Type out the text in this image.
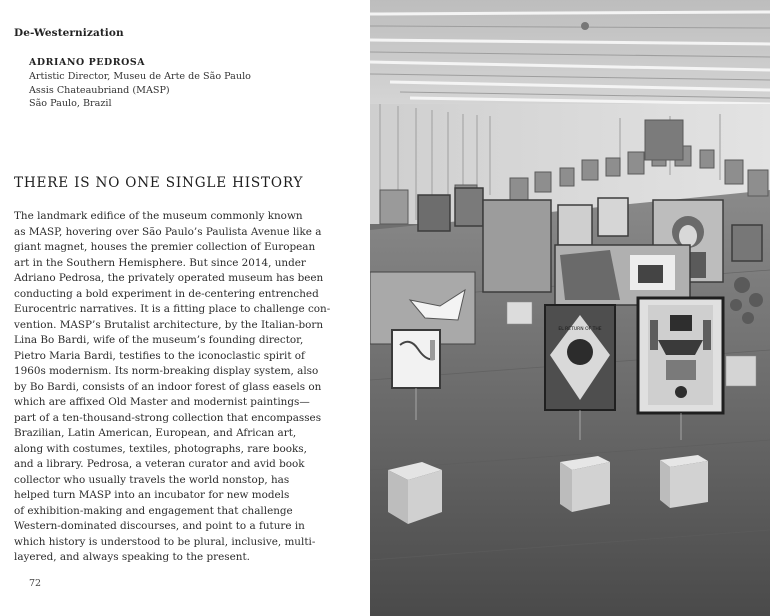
De-Westernization
ADRIANO PEDROSA
Artistic Director, Museu de Arte de São Paulo
Assis Chateaubriand (MASP)
São Paulo, Brazil
THERE IS NO ONE SINGLE HISTORY
The landmark edifice of the museum commonly known
as MASP, hovering over São Paulo’s Paulista Avenue like a
giant magnet, houses the premier collection of European
art in the Southern Hemisphere. But since 2014, under
Adriano Pedrosa, the privately operated museum has been
conducting a bold experiment in de-centering entrenched
Eurocentric narratives. It is a fitting place to challenge con-
vention. MASP’s Brutalist architecture, by the Italian-born
Lina Bo Bardi, wife of the museum’s founding director,
Pietro Maria Bardi, testifies to the iconoclastic spirit of
1960s modernism. Its norm-breaking display system, also
by Bo Bardi, consists of an indoor forest of glass easels on
which are affixed Old Master and modernist paintings—
part of a ten-thousand-strong collection that encompasses
Brazilian, Latin American, European, and African art,
along with costumes, textiles, photographs, rare books,
and a library. Pedrosa, a veteran curator and avid book
collector who usually travels the world nonstop, has
helped turn MASP into an incubator for new models
of exhibition-making and engagement that challenge
Western-dominated discourses, and point to a future in
which history is understood to be plural, inclusive, multi-
layered, and always speaking to the present.
72
EL RETURN OF THE
